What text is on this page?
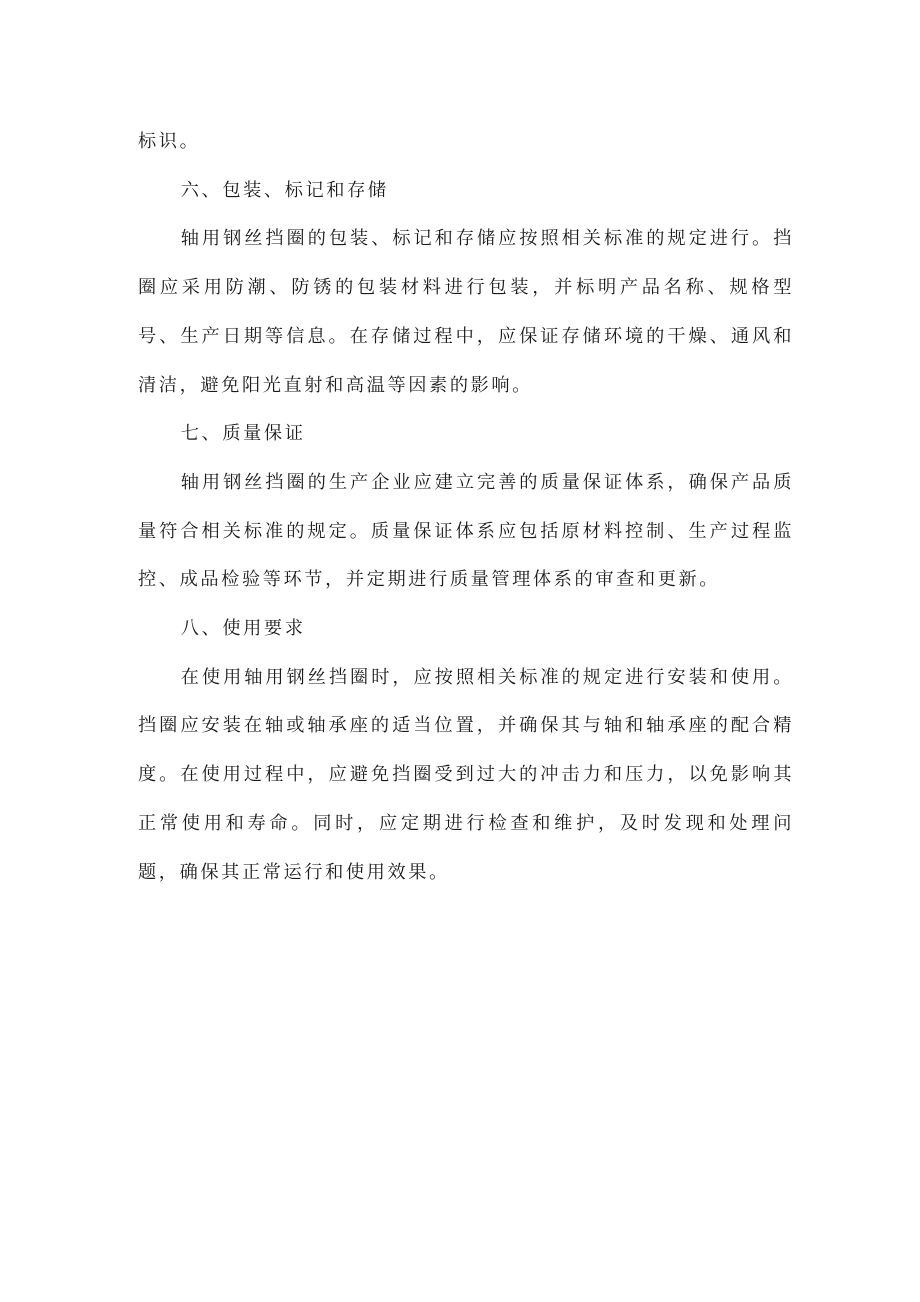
标识。

六、包装、标记和存储

轴用钢丝挡圈的包装、标记和存储应按照相关标准的规定进行。挡圈应采用防潮、防锈的包装材料进行包装，并标明产品名称、规格型号、生产日期等信息。在存储过程中，应保证存储环境的干燥、通风和清洁，避免阳光直射和高温等因素的影响。

七、质量保证

轴用钢丝挡圈的生产企业应建立完善的质量保证体系，确保产品质量符合相关标准的规定。质量保证体系应包括原材料控制、生产过程监控、成品检验等环节，并定期进行质量管理体系的审查和更新。

八、使用要求

在使用轴用钢丝挡圈时，应按照相关标准的规定进行安装和使用。挡圈应安装在轴或轴承座的适当位置，并确保其与轴和轴承座的配合精度。在使用过程中，应避免挡圈受到过大的冲击力和压力，以免影响其正常使用和寿命。同时，应定期进行检查和维护，及时发现和处理问题，确保其正常运行和使用效果。
